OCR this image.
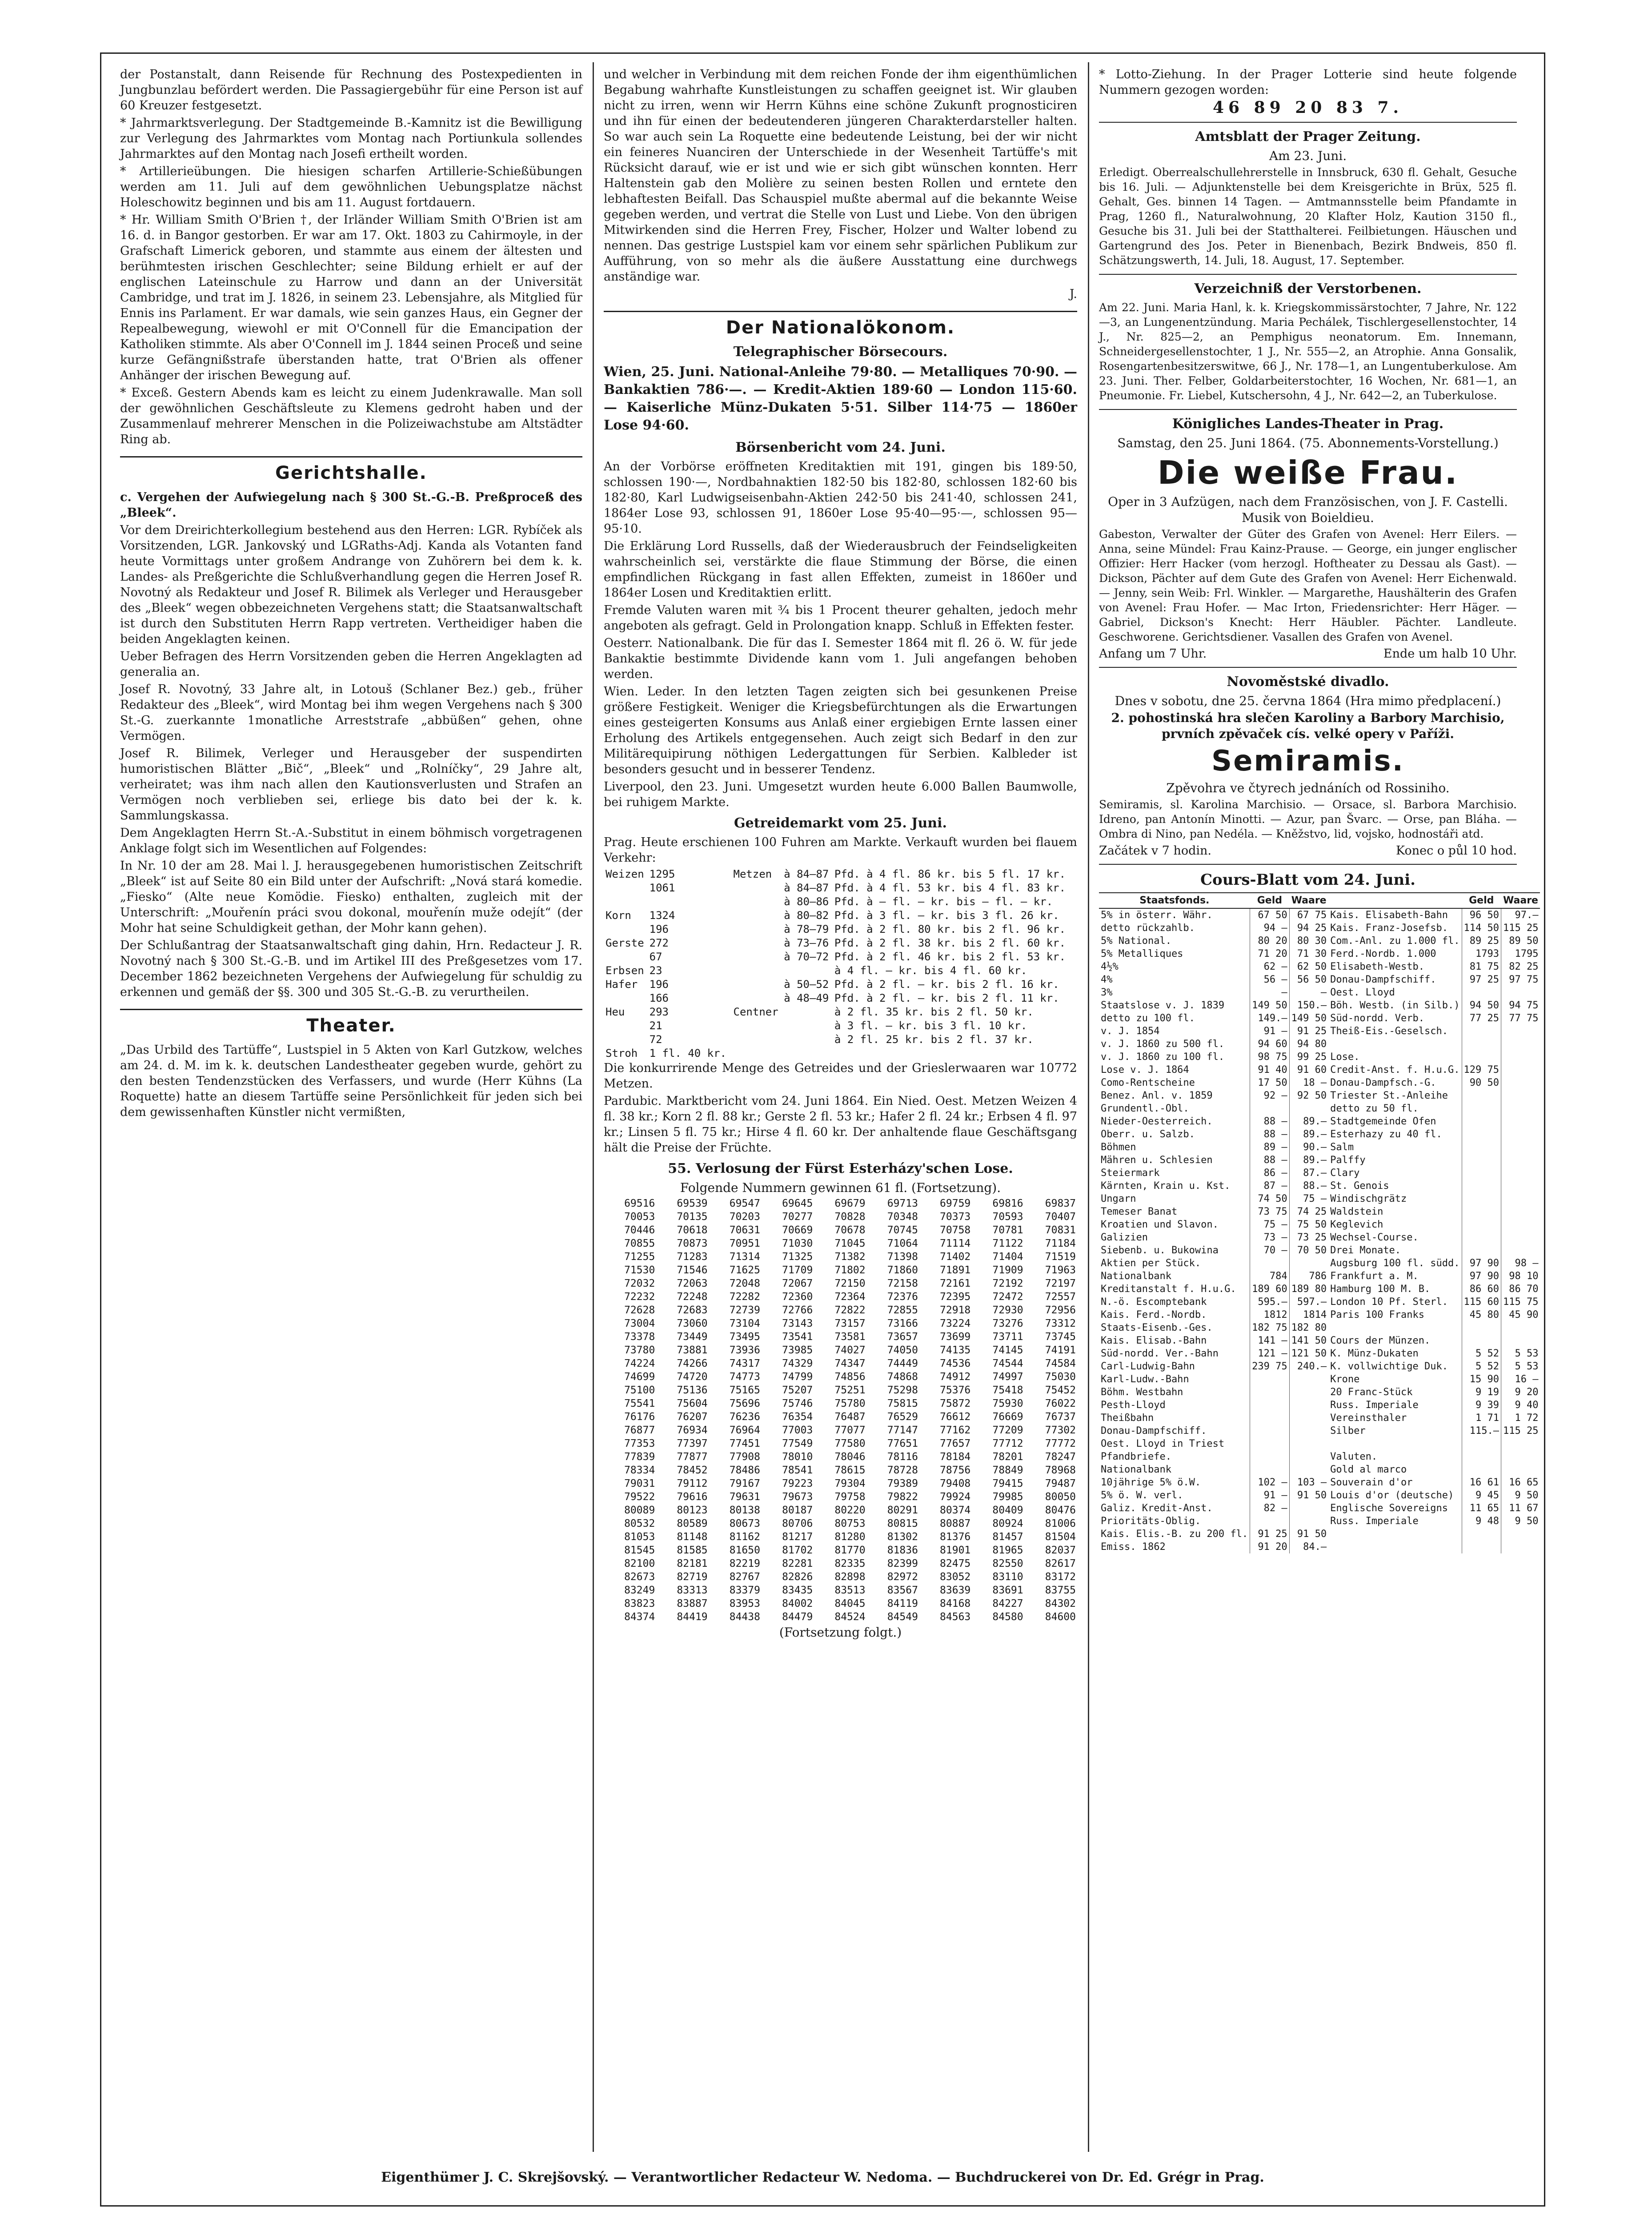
der Postanstalt, dann Reisende für Rechnung des Postexpedienten in Jungbunzlau befördert werden. Die Passagiergebühr für eine Person ist auf 60 Kreuzer festgesetzt.

* Jahrmarktsverlegung. Der Stadtgemeinde B.-Kamnitz ist die Bewilligung zur Verlegung des Jahrmarktes vom Montag nach Portiunkula sollendes Jahrmarktes auf den Montag nach Josefi ertheilt worden.

* Artillerieübungen. Die hiesigen scharfen Artillerie-Schießübungen werden am 11. Juli auf dem gewöhnlichen Uebungsplatze nächst Holeschowitz beginnen und bis am 11. August fortdauern.

* Hr. William Smith O'Brien †, der Irländer William Smith O'Brien ist am 16. d. in Bangor gestorben. Er war am 17. Okt. 1803 zu Cahirmoyle, in der Grafschaft Limerick geboren, und stammte aus einem der ältesten und berühmtesten irischen Geschlechter; seine Bildung erhielt er auf der englischen Lateinschule zu Harrow und dann an der Universität Cambridge, und trat im J. 1826, in seinem 23. Lebensjahre, als Mitglied für Ennis ins Parlament. Er war damals, wie sein ganzes Haus, ein Gegner der Repealbewegung, wiewohl er mit O'Connell für die Emancipation der Katholiken stimmte. Als aber O'Connell im J. 1844 seinen Proceß und seine kurze Gefängnißstrafe überstanden hatte, trat O'Brien als offener Anhänger der irischen Bewegung auf.

* Exceß. Gestern Abends kam es leicht zu einem Judenkrawalle. Man soll der gewöhnlichen Geschäftsleute zu Klemens gedroht haben und der Zusammenlauf mehrerer Menschen in die Polizeiwachstube am Altstädter Ring ab.

Gerichtshalle.

c. Vergehen der Aufwiegelung nach § 300 St.-G.-B. Preßproceß des „Bleek“.

Vor dem Dreirichterkollegium bestehend aus den Herren: LGR. Rybíček als Vorsitzenden, LGR. Jankovský und LGRaths-Adj. Kanda als Votanten fand heute Vormittags unter großem Andrange von Zuhörern bei dem k. k. Landes- als Preßgerichte die Schlußverhandlung gegen die Herren Josef R. Novotný als Redakteur und Josef R. Bilimek als Verleger und Herausgeber des „Bleek“ wegen obbezeichneten Vergehens statt; die Staatsanwaltschaft ist durch den Substituten Herrn Rapp vertreten. Vertheidiger haben die beiden Angeklagten keinen.

Ueber Befragen des Herrn Vorsitzenden geben die Herren Angeklagten ad generalia an.

Josef R. Novotný, 33 Jahre alt, in Lotouš (Schlaner Bez.) geb., früher Redakteur des „Bleek“, wird Montag bei ihm wegen Vergehens nach § 300 St.-G. zuerkannte 1monatliche Arreststrafe „abbüßen“ gehen, ohne Vermögen.

Josef R. Bilimek, Verleger und Herausgeber der suspendirten humoristischen Blätter „Bič“, „Bleek“ und „Rolníčky“, 29 Jahre alt, verheiratet; was ihm nach allen den Kautionsverlusten und Strafen an Vermögen noch verblieben sei, erliege bis dato bei der k. k. Sammlungskassa.

Dem Angeklagten Herrn St.-A.-Substitut in einem böhmisch vorgetragenen Anklage folgt sich im Wesentlichen auf Folgendes:

In Nr. 10 der am 28. Mai l. J. herausgegebenen humoristischen Zeitschrift „Bleek“ ist auf Seite 80 ein Bild unter der Aufschrift: „Nová stará komedie. „Fiesko“ (Alte neue Komödie. Fiesko) enthalten, zugleich mit der Unterschrift: „Mouřenín práci svou dokonal, mouřenín muže odejít“ (der Mohr hat seine Schuldigkeit gethan, der Mohr kann gehen).

Der Schlußantrag der Staatsanwaltschaft ging dahin, Hrn. Redacteur J. R. Novotný nach § 300 St.-G.-B. und im Artikel III des Preßgesetzes vom 17. December 1862 bezeichneten Vergehens der Aufwiegelung für schuldig zu erkennen und gemäß der §§. 300 und 305 St.-G.-B. zu verurtheilen.

Theater.

„Das Urbild des Tartüffe“, Lustspiel in 5 Akten von Karl Gutzkow, welches am 24. d. M. im k. k. deutschen Landestheater gegeben wurde, gehört zu den besten Tendenzstücken des Verfassers, und wurde (Herr Kühns (La Roquette) hatte an diesem Tartüffe seine Persönlichkeit für jeden sich bei dem gewissenhaften Künstler nicht vermißten,

und welcher in Verbindung mit dem reichen Fonde der ihm eigenthümlichen Begabung wahrhafte Kunstleistungen zu schaffen geeignet ist. Wir glauben nicht zu irren, wenn wir Herrn Kühns eine schöne Zukunft prognosticiren und ihn für einen der bedeutenderen jüngeren Charakterdarsteller halten. So war auch sein La Roquette eine bedeutende Leistung, bei der wir nicht ein feineres Nuanciren der Unterschiede in der Wesenheit Tartüffe's mit Rücksicht darauf, wie er ist und wie er sich gibt wünschen konnten. Herr Haltenstein gab den Molière zu seinen besten Rollen und erntete den lebhaftesten Beifall. Das Schauspiel mußte abermal auf die bekannte Weise gegeben werden, und vertrat die Stelle von Lust und Liebe. Von den übrigen Mitwirkenden sind die Herren Frey, Fischer, Holzer und Walter lobend zu nennen. Das gestrige Lustspiel kam vor einem sehr spärlichen Publikum zur Aufführung, von so mehr als die äußere Ausstattung eine durchwegs anständige war.

J.

Der Nationalökonom.
Telegraphischer Börsecours.

Wien, 25. Juni. National-Anleihe 79·80. — Metalliques 70·90. — Bankaktien 786·—. — Kredit-Aktien 189·60 — London 115·60. — Kaiserliche Münz-Dukaten 5·51. Silber 114·75 — 1860er Lose 94·60.

Börsenbericht vom 24. Juni.

An der Vorbörse eröffneten Kreditaktien mit 191, gingen bis 189·50, schlossen 190·—, Nordbahnaktien 182·50 bis 182·80, schlossen 182·60 bis 182·80, Karl Ludwigseisenbahn-Aktien 242·50 bis 241·40, schlossen 241, 1864er Lose 93, schlossen 91, 1860er Lose 95·40—95·—, schlossen 95—95·10.

Die Erklärung Lord Russells, daß der Wiederausbruch der Feindseligkeiten wahrscheinlich sei, verstärkte die flaue Stimmung der Börse, die einen empfindlichen Rückgang in fast allen Effekten, zumeist in 1860er und 1864er Losen und Kreditaktien erlitt.

Fremde Valuten waren mit ¾ bis 1 Procent theurer gehalten, jedoch mehr angeboten als gefragt. Geld in Prolongation knapp. Schluß in Effekten fester.

Oesterr. Nationalbank. Die für das I. Semester 1864 mit fl. 26 ö. W. für jede Bankaktie bestimmte Dividende kann vom 1. Juli angefangen behoben werden.

Wien. Leder. In den letzten Tagen zeigten sich bei gesunkenen Preise größere Festigkeit. Weniger die Kriegsbefürchtungen als die Erwartungen eines gesteigerten Konsums aus Anlaß einer ergiebigen Ernte lassen einer Erholung des Artikels entgegensehen. Auch zeigt sich Bedarf in den zur Militärequipirung nöthigen Ledergattungen für Serbien. Kalbleder ist besonders gesucht und in besserer Tendenz.

Liverpool, den 23. Juni. Umgesetzt wurden heute 6.000 Ballen Baumwolle, bei ruhigem Markte.

Getreidemarkt vom 25. Juni.

Prag. Heute erschienen 100 Fuhren am Markte. Verkauft wurden bei flauem Verkehr:

Weizen	1295	Metzen	à 84—87	Pfd. à 4 fl. 86 kr. bis 5 fl. 17 kr.
	1061		à 84—87	Pfd. à 4 fl. 53 kr. bis 4 fl. 83 kr.
			à 80—86	Pfd. à — fl. — kr. bis — fl. — kr.
Korn	1324		à 80—82	Pfd. à 3 fl. — kr. bis 3 fl. 26 kr.
	196		à 78—79	Pfd. à 2 fl. 80 kr. bis 2 fl. 96 kr.
Gerste	272		à 73—76	Pfd. à 2 fl. 38 kr. bis 2 fl. 60 kr.
	67		à 70—72	Pfd. à 2 fl. 46 kr. bis 2 fl. 53 kr.
Erbsen	23			à 4 fl. — kr. bis 4 fl. 60 kr.
Hafer	196		à 50—52	Pfd. à 2 fl. — kr. bis 2 fl. 16 kr.
	166		à 48—49	Pfd. à 2 fl. — kr. bis 2 fl. 11 kr.
Heu	293	Centner		à 2 fl. 35 kr. bis 2 fl. 50 kr.
	21			à 3 fl. — kr. bis 3 fl. 10 kr.
	72			à 2 fl. 25 kr. bis 2 fl. 37 kr.
Stroh	1 fl. 40 kr.			

Die konkurrirende Menge des Getreides und der Grieslerwaaren war 10772 Metzen.

Pardubic. Marktbericht vom 24. Juni 1864. Ein Nied. Oest. Metzen Weizen 4 fl. 38 kr.; Korn 2 fl. 88 kr.; Gerste 2 fl. 53 kr.; Hafer 2 fl. 24 kr.; Erbsen 4 fl. 97 kr.; Linsen 5 fl. 75 kr.; Hirse 4 fl. 60 kr. Der anhaltende flaue Geschäftsgang hält die Preise der Früchte.

55. Verlosung der Fürst Esterházy'schen Lose.
Folgende Nummern gewinnen 61 fl. (Fortsetzung).
69516	69539	69547	69645	69679	69713	69759	69816	69837
70053	70135	70203	70277	70828	70348	70373	70593	70407
70446	70618	70631	70669	70678	70745	70758	70781	70831
70855	70873	70951	71030	71045	71064	71114	71122	71184
71255	71283	71314	71325	71382	71398	71402	71404	71519
71530	71546	71625	71709	71802	71860	71891	71909	71963
72032	72063	72048	72067	72150	72158	72161	72192	72197
72232	72248	72282	72360	72364	72376	72395	72472	72557
72628	72683	72739	72766	72822	72855	72918	72930	72956
73004	73060	73104	73143	73157	73166	73224	73276	73312
73378	73449	73495	73541	73581	73657	73699	73711	73745
73780	73881	73936	73985	74027	74050	74135	74145	74191
74224	74266	74317	74329	74347	74449	74536	74544	74584
74699	74720	74773	74799	74856	74868	74912	74997	75030
75100	75136	75165	75207	75251	75298	75376	75418	75452
75541	75604	75696	75746	75780	75815	75872	75930	76022
76176	76207	76236	76354	76487	76529	76612	76669	76737
76877	76934	76964	77003	77077	77147	77162	77209	77302
77353	77397	77451	77549	77580	77651	77657	77712	77772
77839	77877	77908	78010	78046	78116	78184	78201	78247
78334	78452	78486	78541	78615	78728	78756	78849	78968
79031	79112	79167	79223	79304	79389	79408	79415	79487
79522	79616	79631	79673	79758	79822	79924	79985	80050
80089	80123	80138	80187	80220	80291	80374	80409	80476
80532	80589	80673	80706	80753	80815	80887	80924	81006
81053	81148	81162	81217	81280	81302	81376	81457	81504
81545	81585	81650	81702	81770	81836	81901	81965	82037
82100	82181	82219	82281	82335	82399	82475	82550	82617
82673	82719	82767	82826	82898	82972	83052	83110	83172
83249	83313	83379	83435	83513	83567	83639	83691	83755
83823	83887	83953	84002	84045	84119	84168	84227	84302
84374	84419	84438	84479	84524	84549	84563	84580	84600
(Fortsetzung folgt.)

* Lotto-Ziehung. In der Prager Lotterie sind heute folgende Nummern gezogen worden:

46 89 20 83 7.
Amtsblatt der Prager Zeitung.
Am 23. Juni.

Erledigt. Oberrealschullehrerstelle in Innsbruck, 630 fl. Gehalt, Gesuche bis 16. Juli. — Adjunktenstelle bei dem Kreisgerichte in Brüx, 525 fl. Gehalt, Ges. binnen 14 Tagen. — Amtmannsstelle beim Pfandamte in Prag, 1260 fl., Naturalwohnung, 20 Klafter Holz, Kaution 3150 fl., Gesuche bis 31. Juli bei der Statthalterei. Feilbietungen. Häuschen und Gartengrund des Jos. Peter in Bienenbach, Bezirk Bndweis, 850 fl. Schätzungswerth, 14. Juli, 18. August, 17. September.

Verzeichniß der Verstorbenen.

Am 22. Juni. Maria Hanl, k. k. Kriegskommissärstochter, 7 Jahre, Nr. 122—3, an Lungenentzündung. Maria Pechálek, Tischlergesellenstochter, 14 J., Nr. 825—2, an Pemphigus neonatorum. Em. Innemann, Schneidergesellenstochter, 1 J., Nr. 555—2, an Atrophie. Anna Gonsalik, Rosengartenbesitzerswitwe, 66 J., Nr. 178—1, an Lungentuberkulose. Am 23. Juni. Ther. Felber, Goldarbeiterstochter, 16 Wochen, Nr. 681—1, an Pneumonie. Fr. Liebel, Kutschersohn, 4 J., Nr. 642—2, an Tuberkulose.

Königliches Landes-Theater in Prag.
Samstag, den 25. Juni 1864. (75. Abonnements-Vorstellung.)
Die weiße Frau.
Oper in 3 Aufzügen, nach dem Französischen, von J. F. Castelli. Musik von Boieldieu.

Gabeston, Verwalter der Güter des Grafen von Avenel: Herr Eilers. — Anna, seine Mündel: Frau Kainz-Prause. — George, ein junger englischer Offizier: Herr Hacker (vom herzogl. Hoftheater zu Dessau als Gast). — Dickson, Pächter auf dem Gute des Grafen von Avenel: Herr Eichenwald. — Jenny, sein Weib: Frl. Winkler. — Margarethe, Haushälterin des Grafen von Avenel: Frau Hofer. — Mac Irton, Friedensrichter: Herr Häger. — Gabriel, Dickson's Knecht: Herr Häubler. Pächter. Landleute. Geschworene. Gerichtsdiener. Vasallen des Grafen von Avenel.

Anfang um 7 Uhr.	Ende um halb 10 Uhr.
Novoměstské divadlo.
Dnes v sobotu, dne 25. června 1864 (Hra mimo předplacení.)
2. pohostinská hra slečen Karoliny a Barbory Marchisio, prvních zpěvaček cís. velké opery v Paříži.
Semiramis.
Zpěvohra ve čtyrech jednáních od Rossiniho.

Semiramis, sl. Karolina Marchisio. — Orsace, sl. Barbora Marchisio. Idreno, pan Antonín Minotti. — Azur, pan Švarc. — Orse, pan Bláha. — Ombra di Nino, pan Nedéla. — Kněžstvo, lid, vojsko, hodnostáři atd.

Začátek v 7 hodin.	Konec o půl 10 hod.
Cours-Blatt vom 24. Juni.
Staatsfonds.	Geld	Waare		Geld	Waare
5% in österr. Währ.	67 50	67 75	Kais. Elisabeth-Bahn	96 50	97.—
detto rückzahlb.	94 —	94 25	Kais. Franz-Josefsb.	114 50	115 25
5% National.	80 20	80 30	Com.-Anl. zu 1.000 fl.	89 25	89 50
5% Metalliques	71 20	71 30	Ferd.-Nordb. 1.000	1793	1795
4½%	62 —	62 50	Elisabeth-Westb.	81 75	82 25
4%	56 —	56 50	Donau-Dampfschiff.	97 25	97 75
3%	—	—	Oest. Lloyd		
Staatslose v. J. 1839	149 50	150.—	Böh. Westb. (in Silb.)	94 50	94 75
detto zu 100 fl.	149.—	149 50	Süd-nordd. Verb.	77 25	77 75
v. J. 1854	91 —	91 25	Theiß-Eis.-Geselsch.		
v. J. 1860 zu 500 fl.	94 60	94 80			
v. J. 1860 zu 100 fl.	98 75	99 25	Lose.		
Lose v. J. 1864	91 40	91 60	Credit-Anst. f. H.u.G.	129 75	
Como-Rentscheine	17 50	18 —	Donau-Dampfsch.-G.	90 50	
Benez. Anl. v. 1859	92 —	92 50	Triester St.-Anleihe		
Grundentl.-Obl.			detto zu 50 fl.		
Nieder-Oesterreich.	88 —	89.—	Stadtgemeinde Ofen		
Oberr. u. Salzb.	88 —	89.—	Esterhazy zu 40 fl.		
Böhmen	89 —	90.—	Salm		
Mähren u. Schlesien	88 —	89.—	Palffy		
Steiermark	86 —	87.—	Clary		
Kärnten, Krain u. Kst.	87 —	88.—	St. Genois		
Ungarn	74 50	75 —	Windischgrätz		
Temeser Banat	73 75	74 25	Waldstein		
Kroatien und Slavon.	75 —	75 50	Keglevich		
Galizien	73 —	73 25	Wechsel-Course.		
Siebenb. u. Bukowina	70 —	70 50	Drei Monate.		
Aktien per Stück.			Augsburg 100 fl. südd.	97 90	98 —
Nationalbank	784	786	Frankfurt a. M.	97 90	98 10
Kreditanstalt f. H.u.G.	189 60	189 80	Hamburg 100 M. B.	86 60	86 70
N.-ö. Escomptebank	595.—	597.—	London 10 Pf. Sterl.	115 60	115 75
Kais. Ferd.-Nordb.	1812	1814	Paris 100 Franks	45 80	45 90
Staats-Eisenb.-Ges.	182 75	182 80			
Kais. Elisab.-Bahn	141 —	141 50	Cours der Münzen.		
Süd-nordd. Ver.-Bahn	121 —	121 50	K. Münz-Dukaten	5 52	5 53
Carl-Ludwig-Bahn	239 75	240.—	K. vollwichtige Duk.	5 52	5 53
Karl-Ludw.-Bahn			Krone	15 90	16 —
Böhm. Westbahn			20 Franc-Stück	9 19	9 20
Pesth-Lloyd			Russ. Imperiale	9 39	9 40
Theißbahn			Vereinsthaler	1 71	1 72
Donau-Dampfschiff.			Silber	115.—	115 25
Oest. Lloyd in Triest					
Pfandbriefe.			Valuten.		
Nationalbank			Gold al marco		
10jährige 5% ö.W.	102 —	103 —	Souverain d'or	16 61	16 65
5% ö. W. verl.	91 —	91 50	Louis d'or (deutsche)	9 45	9 50
Galiz. Kredit-Anst.	82 —		Englische Sovereigns	11 65	11 67
Prioritäts-Oblig.			Russ. Imperiale	9 48	9 50
Kais. Elis.-B. zu 200 fl.	91 25	91 50			
Emiss. 1862	91 20	84.—			
Eigenthümer J. C. Skrejšovský. — Verantwortlicher Redacteur W. Nedoma. — Buchdruckerei von Dr. Ed. Grégr in Prag.
